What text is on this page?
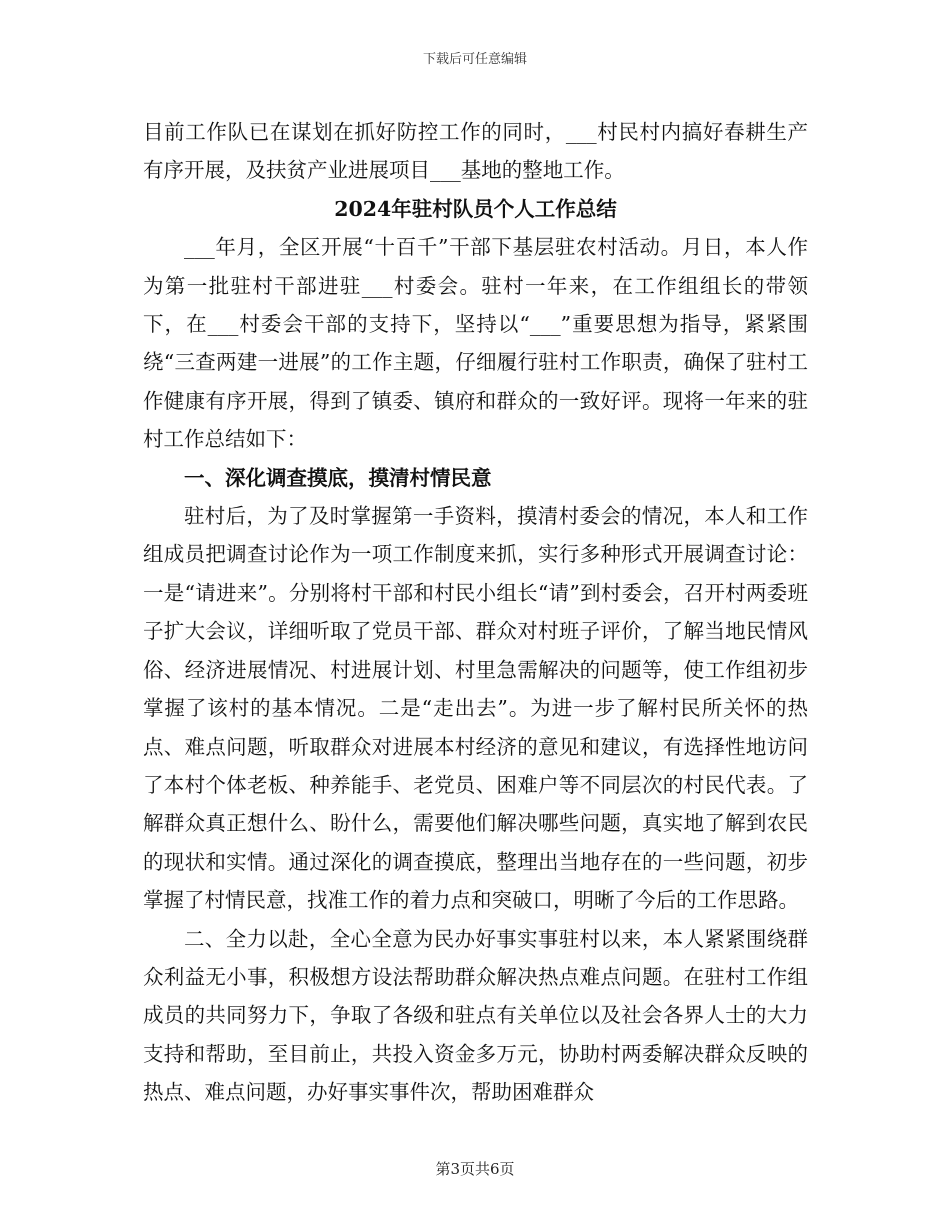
下载后可任意编辑

目前工作队已在谋划在抓好防控工作的同时，___村民村内搞好春耕生产有序开展，及扶贫产业进展项目___基地的整地工作。

2024年驻村队员个人工作总结

___年月，全区开展“十百千”干部下基层驻农村活动。月日，本人作为第一批驻村干部进驻___村委会。驻村一年来，在工作组组长的带领下，在___村委会干部的支持下，坚持以“___”重要思想为指导，紧紧围绕“三查两建一进展”的工作主题，仔细履行驻村工作职责，确保了驻村工作健康有序开展，得到了镇委、镇府和群众的一致好评。现将一年来的驻村工作总结如下：

一、深化调查摸底，摸清村情民意

驻村后，为了及时掌握第一手资料，摸清村委会的情况，本人和工作组成员把调查讨论作为一项工作制度来抓，实行多种形式开展调查讨论：一是“请进来”。分别将村干部和村民小组长“请”到村委会，召开村两委班子扩大会议，详细听取了党员干部、群众对村班子评价，了解当地民情风俗、经济进展情况、村进展计划、村里急需解决的问题等，使工作组初步掌握了该村的基本情况。二是“走出去”。为进一步了解村民所关怀的热点、难点问题，听取群众对进展本村经济的意见和建议，有选择性地访问了本村个体老板、种养能手、老党员、困难户等不同层次的村民代表。了解群众真正想什么、盼什么，需要他们解决哪些问题，真实地了解到农民的现状和实情。通过深化的调查摸底，整理出当地存在的一些问题，初步掌握了村情民意，找准工作的着力点和突破口，明晰了今后的工作思路。

二、全力以赴，全心全意为民办好事实事驻村以来，本人紧紧围绕群众利益无小事，积极想方设法帮助群众解决热点难点问题。在驻村工作组成员的共同努力下，争取了各级和驻点有关单位以及社会各界人士的大力支持和帮助，至目前止，共投入资金多万元，协助村两委解决群众反映的热点、难点问题，办好事实事件次，帮助困难群众

第3页共6页
